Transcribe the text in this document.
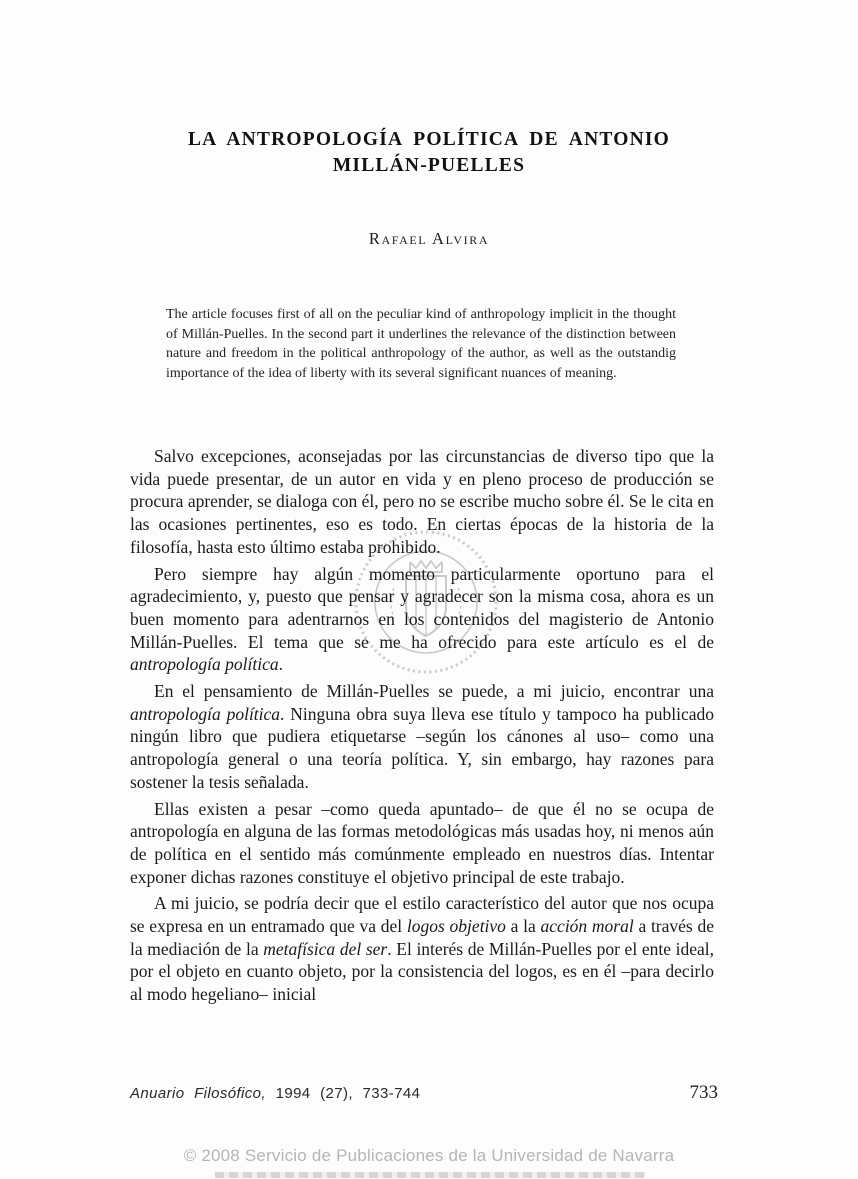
LA ANTROPOLOGÍA POLÍTICA DE ANTONIO
MILLÁN-PUELLES
Rafael Alvira
The article focuses first of all on the peculiar kind of anthropology implicit in the thought of Millán-Puelles. In the second part it underlines the relevance of the distinction between nature and freedom in the political anthropology of the author, as well as the outstandig importance of the idea of liberty with its several significant nuances of meaning.

Salvo excepciones, aconsejadas por las circunstancias de diverso tipo que la vida puede presentar, de un autor en vida y en pleno proceso de producción se procura aprender, se dialoga con él, pero no se escribe mucho sobre él. Se le cita en las ocasiones pertinentes, eso es todo. En ciertas épocas de la historia de la filosofía, hasta esto último estaba prohibido.

Pero siempre hay algún momento particularmente oportuno para el agradecimiento, y, puesto que pensar y agradecer son la misma cosa, ahora es un buen momento para adentrarnos en los contenidos del magisterio de Antonio Millán-Puelles. El tema que se me ha ofrecido para este artículo es el de antropología política.

En el pensamiento de Millán-Puelles se puede, a mi juicio, encontrar una antropología política. Ninguna obra suya lleva ese título y tampoco ha publicado ningún libro que pudiera etiquetarse –según los cánones al uso– como una antropología general o una teoría política. Y, sin embargo, hay razones para sostener la tesis señalada.

Ellas existen a pesar –como queda apuntado– de que él no se ocupa de antropología en alguna de las formas metodológicas más usadas hoy, ni menos aún de política en el sentido más comúnmente empleado en nuestros días. Intentar exponer dichas razones constituye el objetivo principal de este trabajo.

A mi juicio, se podría decir que el estilo característico del autor que nos ocupa se expresa en un entramado que va del logos objetivo a la acción moral a través de la mediación de la metafísica del ser. El interés de Millán-Puelles por el ente ideal, por el objeto en cuanto objeto, por la consistencia del logos, es en él –para decirlo al modo hegeliano– inicial

Anuario Filosófico, 1994 (27), 733-744	733
© 2008 Servicio de Publicaciones de la Universidad de Navarra
